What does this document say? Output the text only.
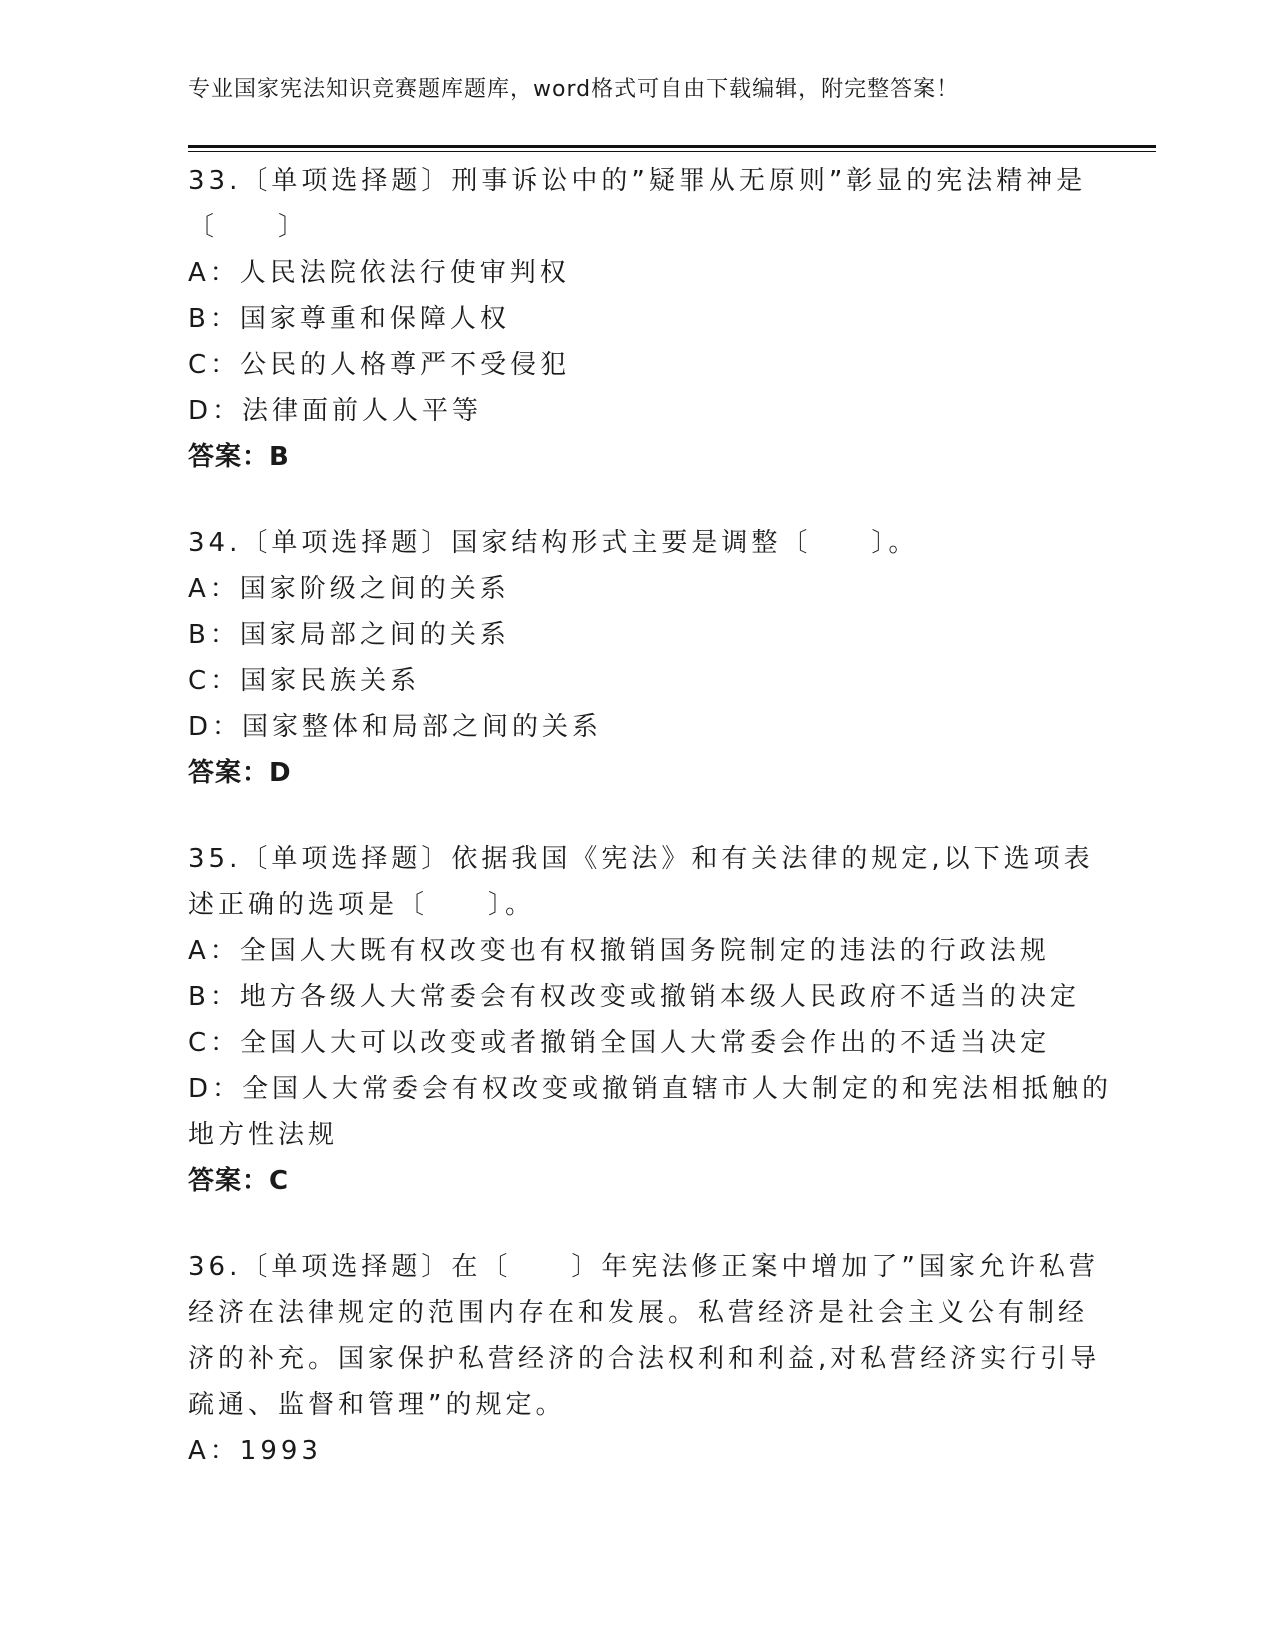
专业国家宪法知识竞赛题库题库，word格式可自由下载编辑，附完整答案！
33.〔单项选择题〕刑事诉讼中的”疑罪从无原则”彰显的宪法精神是
〔　　〕
A：人民法院依法行使审判权
B：国家尊重和保障人权
C：公民的人格尊严不受侵犯
D：法律面前人人平等
答案：B
34.〔单项选择题〕国家结构形式主要是调整〔　　〕。
A：国家阶级之间的关系
B：国家局部之间的关系
C：国家民族关系
D：国家整体和局部之间的关系
答案：D
35.〔单项选择题〕依据我国《宪法》和有关法律的规定,以下选项表
述正确的选项是〔　　〕。
A：全国人大既有权改变也有权撤销国务院制定的违法的行政法规
B：地方各级人大常委会有权改变或撤销本级人民政府不适当的决定
C：全国人大可以改变或者撤销全国人大常委会作出的不适当决定
D：全国人大常委会有权改变或撤销直辖市人大制定的和宪法相抵触的
地方性法规
答案：C
36.〔单项选择题〕在〔　　〕年宪法修正案中增加了”国家允许私营
经济在法律规定的范围内存在和发展。私营经济是社会主义公有制经
济的补充。国家保护私营经济的合法权利和利益,对私营经济实行引导
疏通、监督和管理”的规定。
A：1993
